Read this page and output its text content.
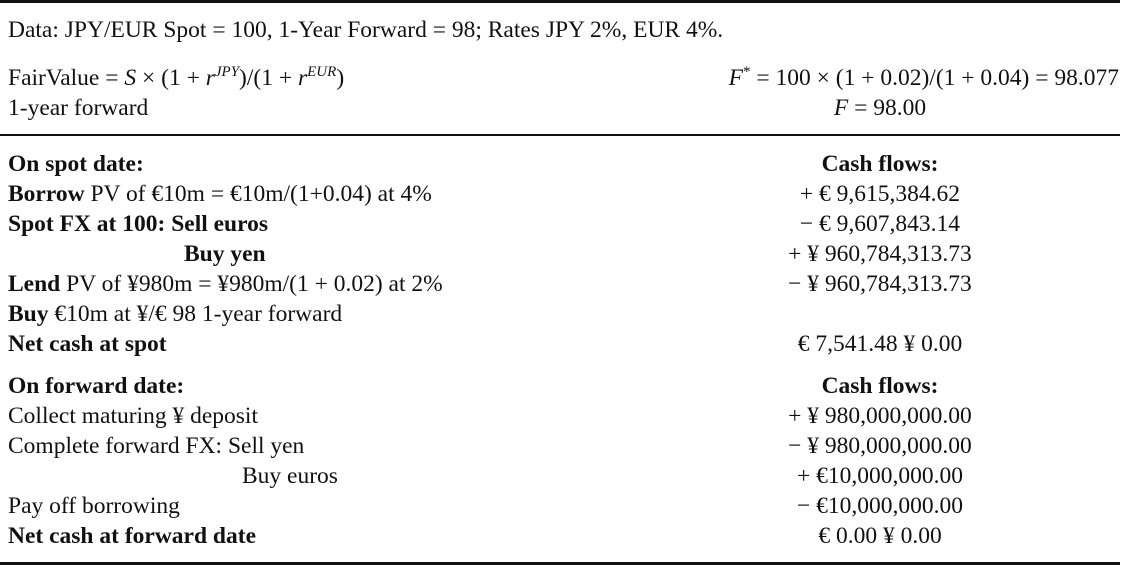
Data: JPY/EUR Spot = 100, 1-Year Forward = 98; Rates JPY 2%, EUR 4%.
FairValue = $S \times (1 + r^{JPY})/(1 + r^{EUR})$	F* = 100 × (1 + 0.02)/(1 + 0.04) = 98.077
1-year forward	F = 98.00
On spot date:	Cash flows:
Borrow PV of €10m = €10m/(1+0.04) at 4%	+ € 9,615,384.62
Spot FX at 100: Sell euros	− € 9,607,843.14
Buy yen	+ ¥ 960,784,313.73
Lend PV of ¥980m = ¥980m/(1 + 0.02) at 2%	− ¥ 960,784,313.73
Buy €10m at ¥/€ 98 1-year forward
Net cash at spot	€ 7,541.48 ¥ 0.00
On forward date:	Cash flows:
Collect maturing ¥ deposit	+ ¥ 980,000,000.00
Complete forward FX: Sell yen	− ¥ 980,000,000.00
Buy euros	+ €10,000,000.00
Pay off borrowing	− €10,000,000.00
Net cash at forward date	€ 0.00 ¥ 0.00
